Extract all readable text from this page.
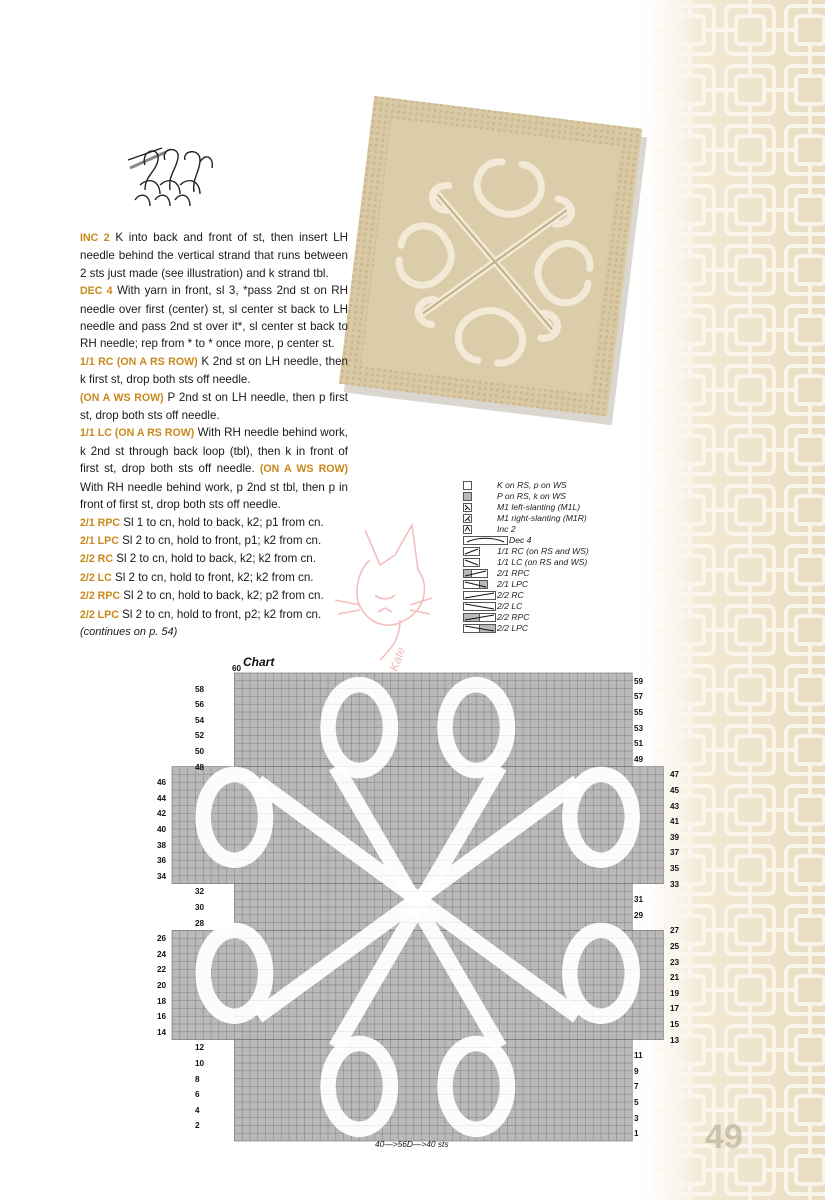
INC 2 K into back and front of st, then insert LH needle behind the vertical strand that runs between 2 sts just made (see illustration) and k strand tbl.

DEC 4 With yarn in front, sl 3, *pass 2nd st on RH needle over first (center) st, sl center st back to LH needle and pass 2nd st over it*, sl center st back to RH needle; rep from * to * once more, p center st.

1/1 RC (ON A RS ROW) K 2nd st on LH needle, then k first st, drop both sts off needle.

(ON A WS ROW) P 2nd st on LH needle, then p first st, drop both sts off needle.

1/1 LC (ON A RS ROW) With RH needle behind work, k 2nd st through back loop (tbl), then k in front of first st, drop both sts off needle. (ON A WS ROW) With RH needle behind work, p 2nd st tbl, then p in front of first st, drop both sts off needle.

2/1 RPC Sl 1 to cn, hold to back, k2; p1 from cn.

2/1 LPC Sl 2 to cn, hold to front, p1; k2 from cn.

2/2 RC Sl 2 to cn, hold to back, k2; k2 from cn.

2/2 LC Sl 2 to cn, hold to front, k2; k2 from cn.

2/2 RPC Sl 2 to cn, hold to back, k2; p2 from cn.

2/2 LPC Sl 2 to cn, hold to front, p2; k2 from cn.

(continues on p. 54)

K on RS, p on WS
P on RS, k on WS
M1 left-slanting (M1L)
M1 right-slanting (M1R)
Inc 2
Dec 4
1/1 RC (on RS and WS)
1/1 LC (on RS and WS)
2/1 RPC
2/1 LPC
2/2 RC
2/2 LC
2/2 RPC
2/2 LPC
Chart
40—>56D—>40 sts	49
Kate
58
56
54
52
50
48
46
44
42
40
38
36
34
32
30
28
26
24
22
20
18
16
14
12
10
8
6
4
2
59
57
55
53
51
49
47
45
43
41
39
37
35
33
31
29
27
25
23
21
19
17
15
13
11
9
7
5
3
1
60
